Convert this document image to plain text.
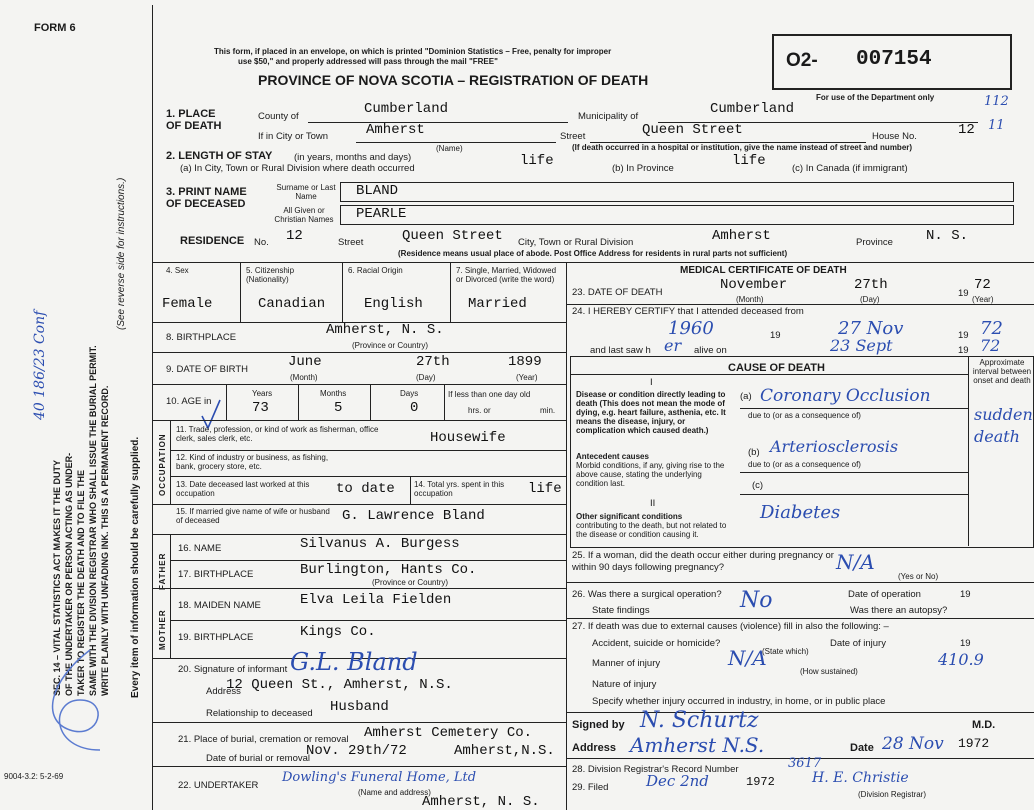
FORM 6
This form, if placed in an envelope, on which is printed "Dominion Statistics – Free, penalty for improper
use $50," and properly addressed will pass through the mail "FREE"
PROVINCE OF NOVA SCOTIA – REGISTRATION OF DEATH
O2- 007154
For use of the Department only	112
11
SEC. 14 – VITAL STATISTICS ACT MAKES IT THE DUTY OF THE UNDERTAKER OR PERSON ACTING AS UNDER- TAKER TO REGISTER THE DEATH AND TO FILE THE SAME WITH THE DIVISION REGISTRAR WHO SHALL ISSUE THE BURIAL PERMIT. WRITE PLAINLY WITH UNFADING INK. THIS IS A PERMANENT RECORD.
(See reverse side for instructions.)
Every item of information should be carefully supplied.
40 186/23 Conf
9004-3.2: 5-2-69
1. PLACE OF DEATH
County of	Cumberland	Municipality of	Cumberland
If in City or Town	Amherst
(Name)
Street	Queen Street	House No.	12
(If death occurred in a hospital or institution, give the name instead of street and number)
2. LENGTH OF STAY (in years, months and days)
(a) In City, Town or Rural Division where death occurred	life	(b) In Province	life	(c) In Canada (if immigrant)
3. PRINT NAME OF DECEASED
Surname or Last Name	BLAND
All Given or Christian Names	PEARLE
RESIDENCE No. 12	Street	Queen Street City, Town or Rural Division	Amherst	Province N. S.
(Residence means usual place of abode. Post Office Address for residents in rural parts not sufficient)
4. Sex
Female
5. Citizenship (Nationality)
Canadian
6. Racial Origin
English
7. Single, Married, Widowed or Divorced (write the word)
Married
8. BIRTHPLACE	Amherst, N. S.
(Province or Country)
9. DATE OF BIRTH	June	27th	1899
(Month)	(Day)	(Year)
10. AGE in
Years
73
Months
5
Days
0
If less than one day old
hrs. or	min.
OCCUPATION
11. Trade, profession, or kind of work as fisherman, office clerk, sales clerk, etc.	Housewife
12. Kind of industry or business, as fishing, bank, grocery store, etc.
13. Date deceased last worked at this occupation	to date 14. Total yrs. spent in this occupation	life
15. If married give name of wife or husband of deceased	G. Lawrence Bland
FATHER
16. NAME	Silvanus A. Burgess
17. BIRTHPLACE	Burlington, Hants Co.
(Province or Country)
MOTHER
18. MAIDEN NAME	Elva Leila Fielden
19. BIRTHPLACE	Kings Co.
20. Signature of informant G.L. Bland
Address
12 Queen St., Amherst, N.S.
Relationship to deceased Husband
21. Place of burial, cremation or removal Amherst Cemetery Co.
Date of burial or removal
Nov. 29th/72	Amherst,N.S.
22. UNDERTAKER
Dowling's Funeral Home, Ltd
(Name and address)
Amherst, N. S.
MEDICAL CERTIFICATE OF DEATH
23. DATE OF DEATH	November	27th
19
72
(Month)	(Day)	(Year)
24. I HEREBY CERTIFY that I attended deceased from
1960	19	27 Nov	19 72
and last saw h er alive on	23 Sept	19 72
CAUSE OF DEATH	Approximate interval between onset and death
I
Disease or condition directly leading to death (This does not mean the mode of dying, e.g. heart failure, asthenia, etc. It means the disease, injury, or complication which caused death.)
(a) Coronary Occlusion
due to (or as a consequence of)	sudden death
Antecedent causes
Morbid conditions, if any, giving rise to the above cause, stating the underlying condition last.
(b) Arteriosclerosis
due to (or as a consequence of)
(c)
II
Other significant conditions
contributing to the death, but not related to the disease or condition causing it.
Diabetes
25. If a woman, did the death occur either during pregnancy or within 90 days following pregnancy?	N/A
(Yes or No)
26. Was there a surgical operation? No	Date of operation	19
State findings	Was there an autopsy?
27. If death was due to external causes (violence) fill in also the following: –
Accident, suicide or homicide?	Date of injury	19
(State which)
Manner of injury	N/A	410.9
(How sustained)
Nature of injury
Specify whether injury occurred in industry, in home, or in public place
Signed by N. Schurtz	M.D.
Address Amherst N.S.	Date 28 Nov 1972
28. Division Registrar's Record Number	3617
29. Filed	Dec 2nd	1972	H. E. Christie
(Division Registrar)
